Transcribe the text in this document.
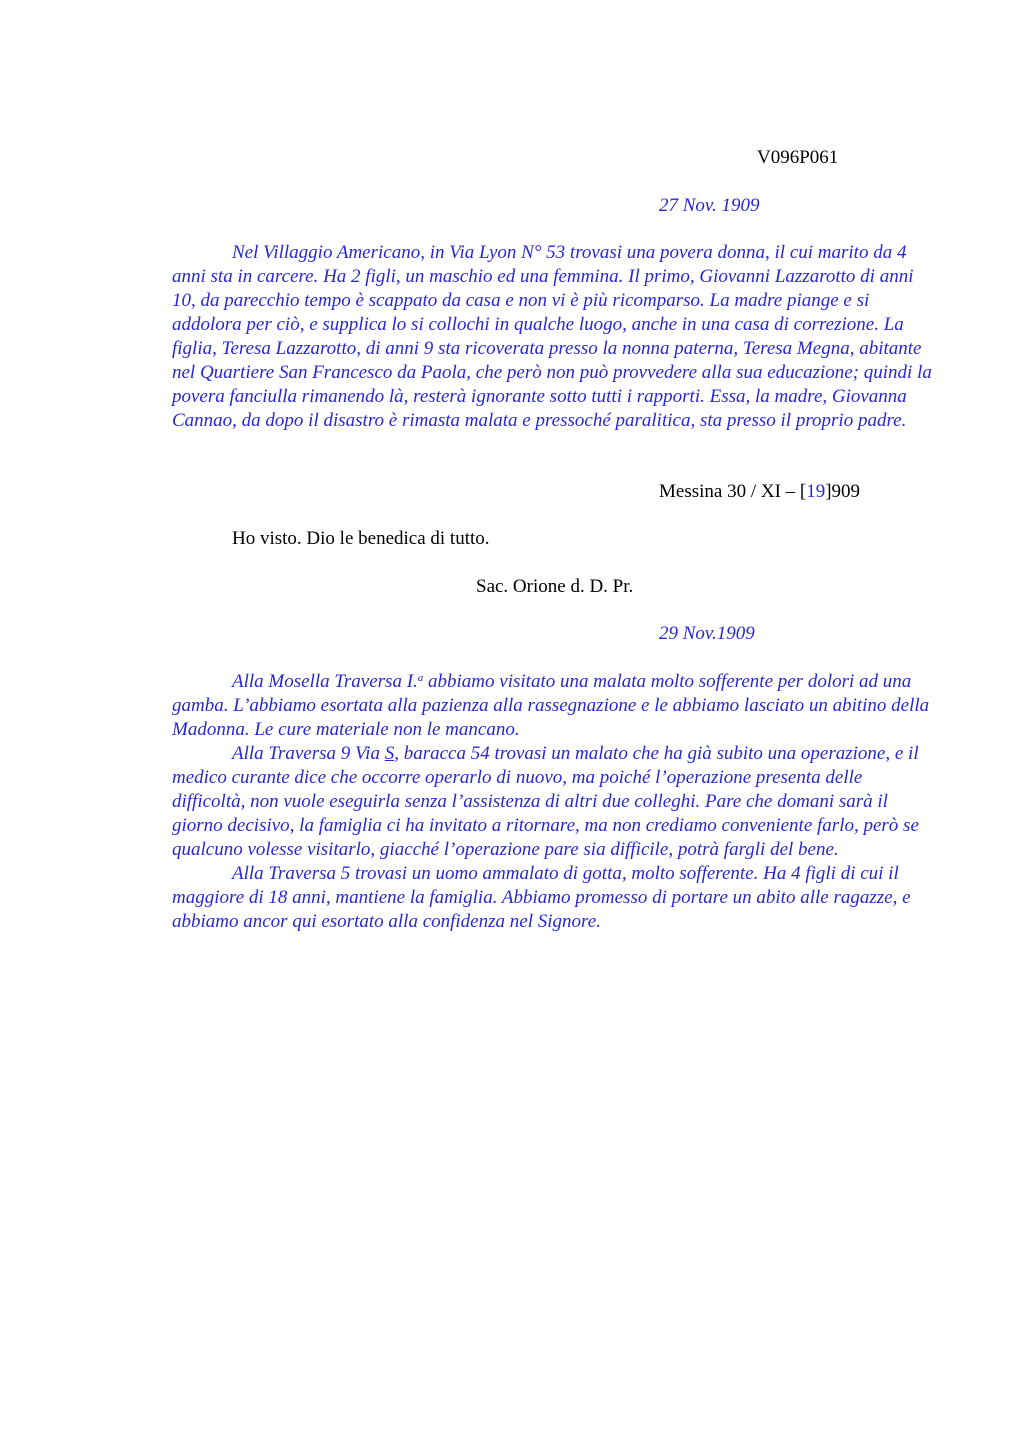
V096P061
27 Nov. 1909

Nel Villaggio Americano, in Via Lyon N° 53 trovasi una povera donna, il cui marito da 4 anni sta in carcere. Ha 2 figli, un maschio ed una femmina. Il primo, Giovanni Lazzarotto di anni 10, da parecchio tempo è scappato da casa e non vi è più ricomparso. La madre piange e si addolora per ciò, e supplica lo si collochi in qualche luogo, anche in una casa di correzione. La figlia, Teresa Lazzarotto, di anni 9 sta ricoverata presso la nonna paterna, Teresa Megna, abitante nel Quartiere San Francesco da Paola, che però non può provvedere alla sua educazione; quindi la povera fanciulla rimanendo là, resterà ignorante sotto tutti i rapporti. Essa, la madre, Giovanna Cannao, da dopo il disastro è rimasta malata e pressoché paralitica, sta presso il proprio padre.

Messina 30 / XI – [19]909
Ho visto. Dio le benedica di tutto.
Sac. Orione d. D. Pr.
29 Nov.1909

Alla Mosella Traversa I.$^a$ abbiamo visitato una malata molto sofferente per dolori ad una gamba. L’abbiamo esortata alla pazienza alla rassegnazione e le abbiamo lasciato un abitino della Madonna. Le cure materiale non le mancano.

Alla Traversa 9 Via S, baracca 54 trovasi un malato che ha già subito una operazione, e il medico curante dice che occorre operarlo di nuovo, ma poiché l’operazione presenta delle difficoltà, non vuole eseguirla senza l’assistenza di altri due colleghi. Pare che domani sarà il giorno decisivo, la famiglia ci ha invitato a ritornare, ma non crediamo conveniente farlo, però se qualcuno volesse visitarlo, giacché l’operazione pare sia difficile, potrà fargli del bene.

Alla Traversa 5 trovasi un uomo ammalato di gotta, molto sofferente. Ha 4 figli di cui il maggiore di 18 anni, mantiene la famiglia. Abbiamo promesso di portare un abito alle ragazze, e abbiamo ancor qui esortato alla confidenza nel Signore.
